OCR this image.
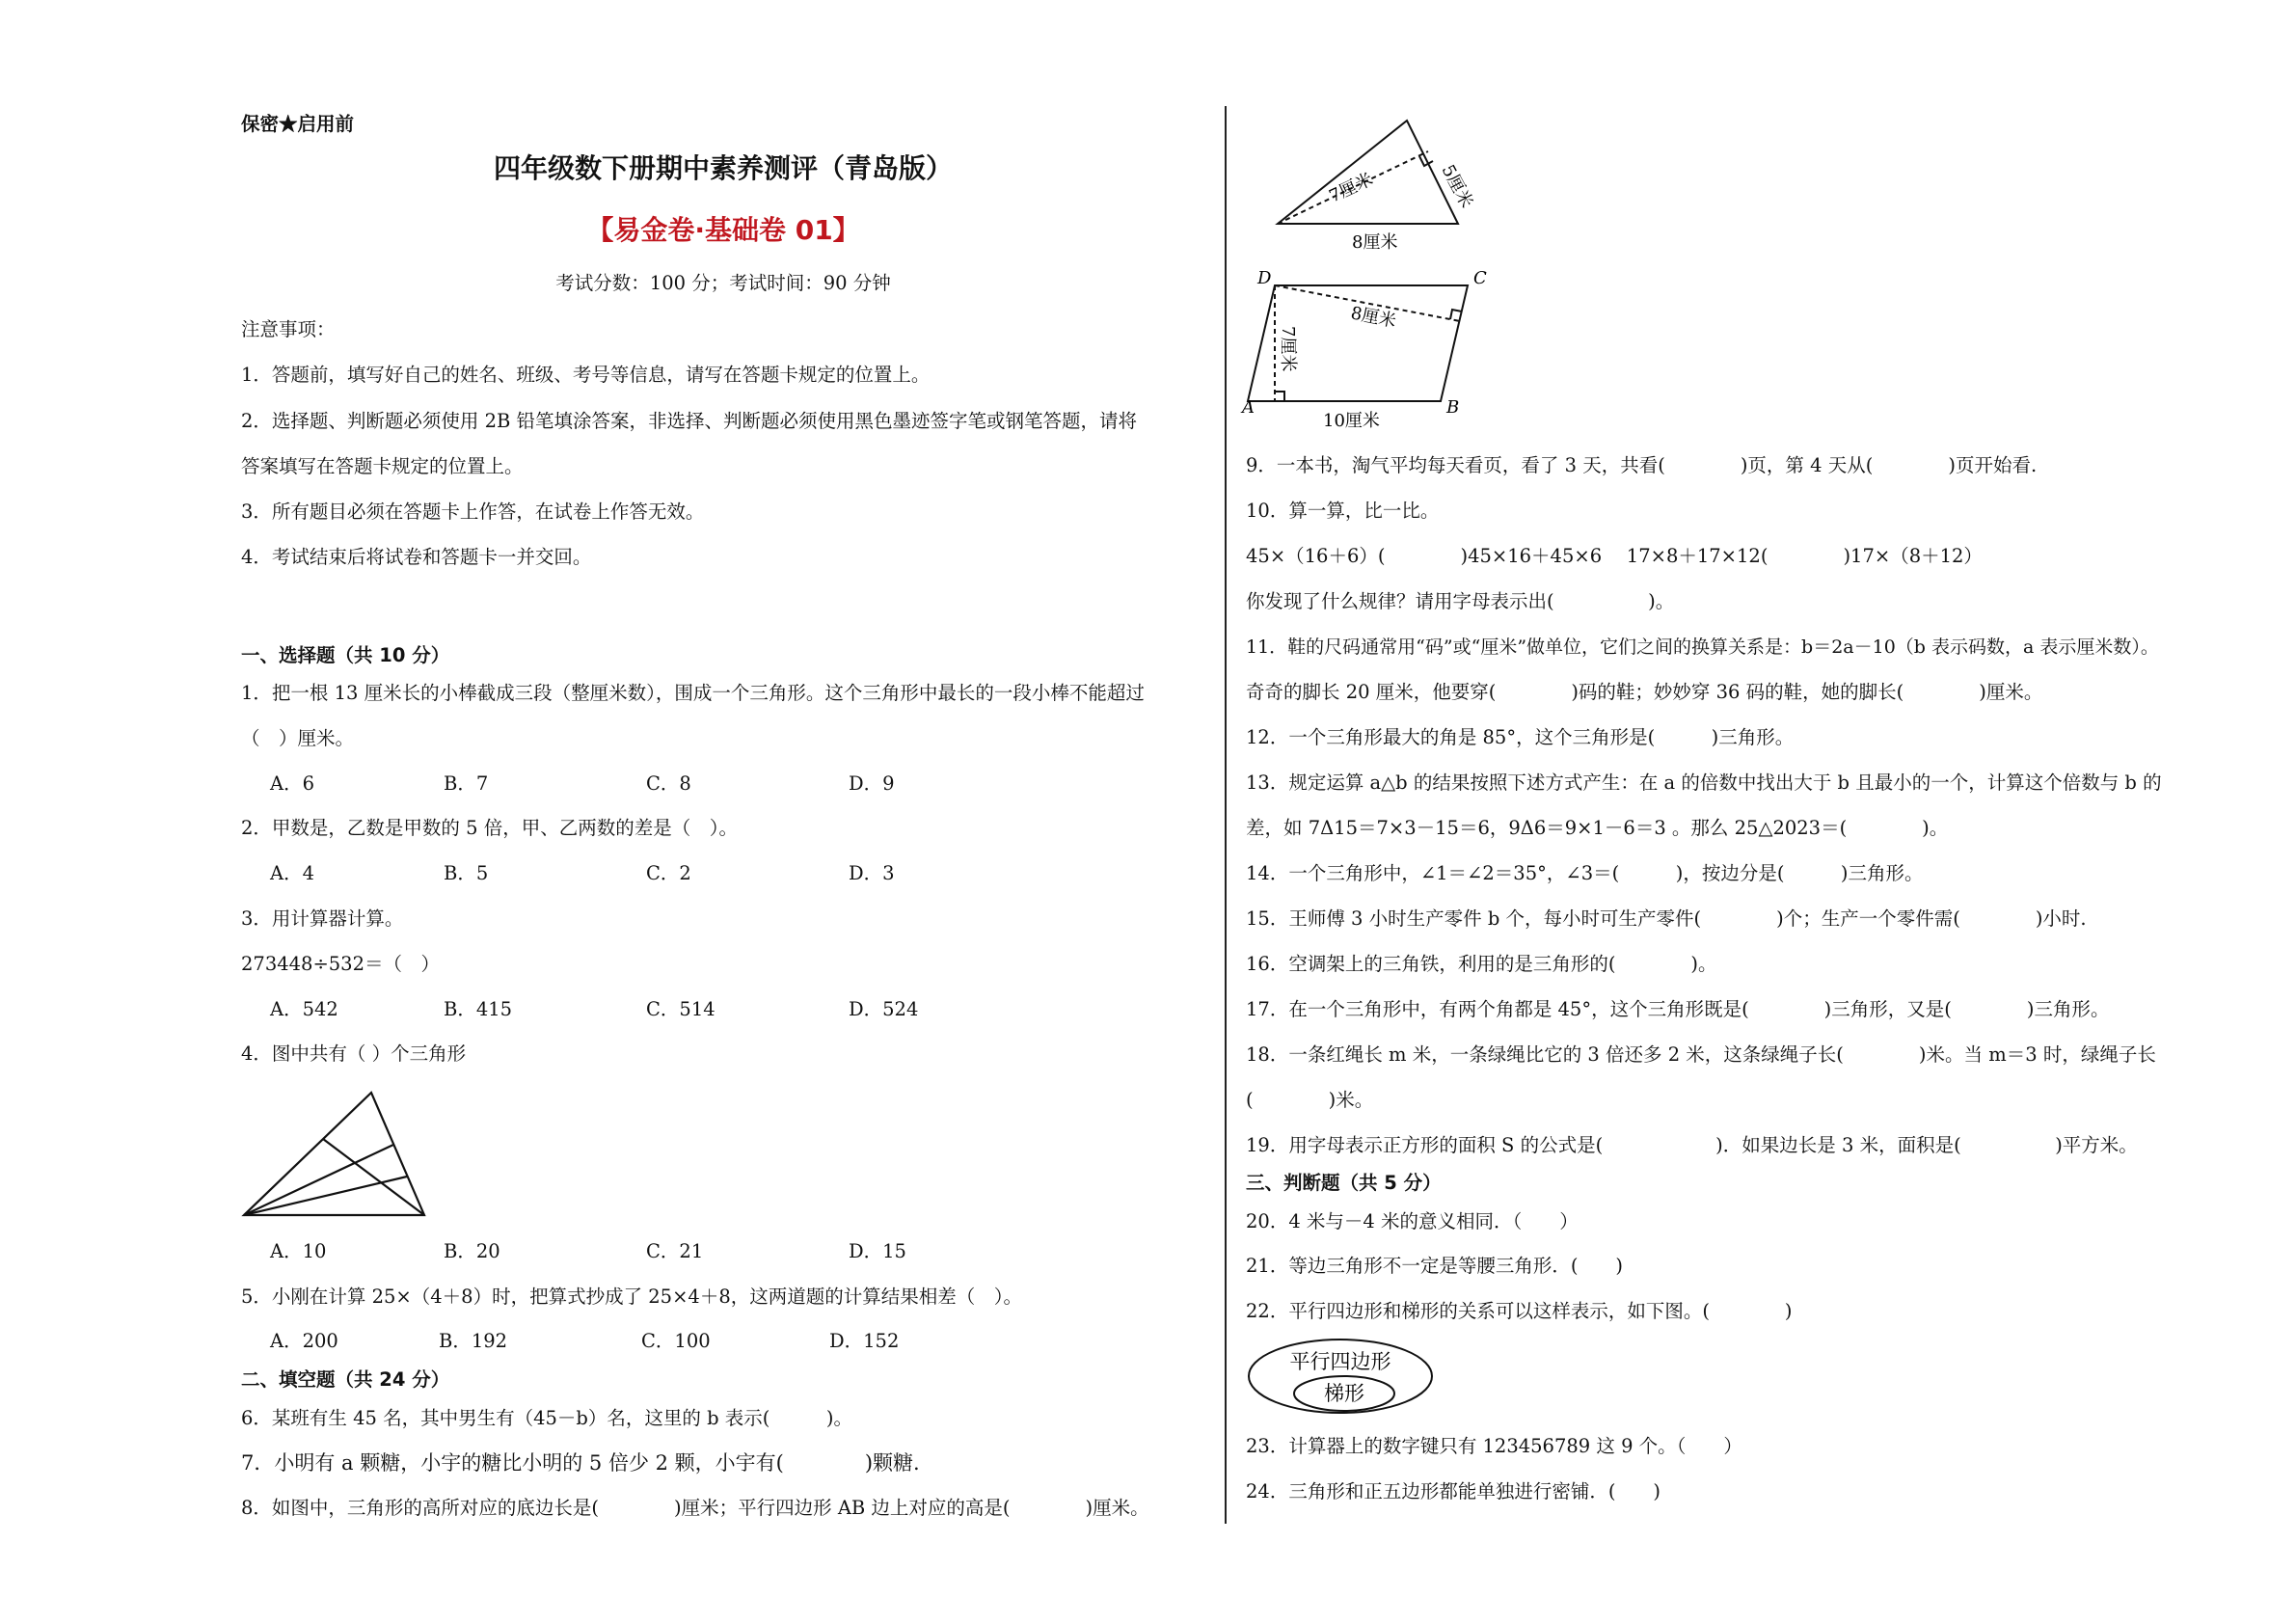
保密★启用前
四年级数下册期中素养测评（青岛版）
【易金卷·基础卷 01】
考试分数：100 分；考试时间：90 分钟
注意事项：
1．答题前，填写好自己的姓名、班级、考号等信息，请写在答题卡规定的位置上。
2．选择题、判断题必须使用 2B 铅笔填涂答案，非选择、判断题必须使用黑色墨迹签字笔或钢笔答题，请将
答案填写在答题卡规定的位置上。
3．所有题目必须在答题卡上作答，在试卷上作答无效。
4．考试结束后将试卷和答题卡一并交回。
一、选择题（共 10 分）
1．把一根 13 厘米长的小棒截成三段（整厘米数），围成一个三角形。这个三角形中最长的一段小棒不能超过
（　）厘米。
A．6	B．7	C．8	D．9
2．甲数是，乙数是甲数的 5 倍，甲、乙两数的差是（　）。
A．4	B．5	C．2	D．3
3．用计算器计算。
273448÷532＝（　）
A．542	B．415	C．514	D．524
4．图中共有（ ）个三角形
A．10	B．20	C．21	D．15
5．小刚在计算 25×（4＋8）时，把算式抄成了 25×4＋8，这两道题的计算结果相差（　）。
A．200	B．192	C．100	D．152
二、填空题（共 24 分）
6．某班有生 45 名，其中男生有（45－b）名，这里的 b 表示(　　　)。
7．小明有 a 颗糖，小宇的糖比小明的 5 倍少 2 颗，小宇有(　　　　)颗糖.
8．如图中，三角形的高所对应的底边长是(　　　　)厘米；平行四边形 AB 边上对应的高是(　　　　)厘米。
5厘米
7厘米
8厘米
D	C
A	B
8厘米
7厘米
10厘米
9．一本书，淘气平均每天看页，看了 3 天，共看(　　　　)页，第 4 天从(　　　　)页开始看.
10．算一算，比一比。
45×（16＋6）(　　　　)45×16＋45×6　 17×8＋17×12(　　　　)17×（8＋12）
你发现了什么规律？请用字母表示出(　　　　　)。
11．鞋的尺码通常用“码”或“厘米”做单位，它们之间的换算关系是：b＝2a－10（b 表示码数，a 表示厘米数）。
奇奇的脚长 20 厘米，他要穿(　　　　)码的鞋；妙妙穿 36 码的鞋，她的脚长(　　　　)厘米。
12．一个三角形最大的角是 85°，这个三角形是(　　　)三角形。
13．规定运算 a△b 的结果按照下述方式产生：在 a 的倍数中找出大于 b 且最小的一个，计算这个倍数与 b 的
差，如 7Δ15＝7×3－15＝6，9Δ6＝9×1－6＝3 。那么 25△2023＝(　　　　)。
14．一个三角形中，∠1＝∠2＝35°，∠3＝(　　　)，按边分是(　　　)三角形。
15．王师傅 3 小时生产零件 b 个，每小时可生产零件(　　　　)个；生产一个零件需(　　　　)小时.
16．空调架上的三角铁，利用的是三角形的(　　　　)。
17．在一个三角形中，有两个角都是 45°，这个三角形既是(　　　　)三角形，又是(　　　　)三角形。
18．一条红绳长 m 米，一条绿绳比它的 3 倍还多 2 米，这条绿绳子长(　　　　)米。当 m＝3 时，绿绳子长
(　　　　)米。
19．用字母表示正方形的面积 S 的公式是(　　　　　　)．如果边长是 3 米，面积是(　　　　　)平方米。
三、判断题（共 5 分）
20．4 米与－4 米的意义相同．（　　）
21．等边三角形不一定是等腰三角形．(　　)
22．平行四边形和梯形的关系可以这样表示，如下图。(　　　　)
平行四边形
梯形
23．计算器上的数字键只有 123456789 这 9 个。（　　）
24．三角形和正五边形都能单独进行密铺．(　　)
